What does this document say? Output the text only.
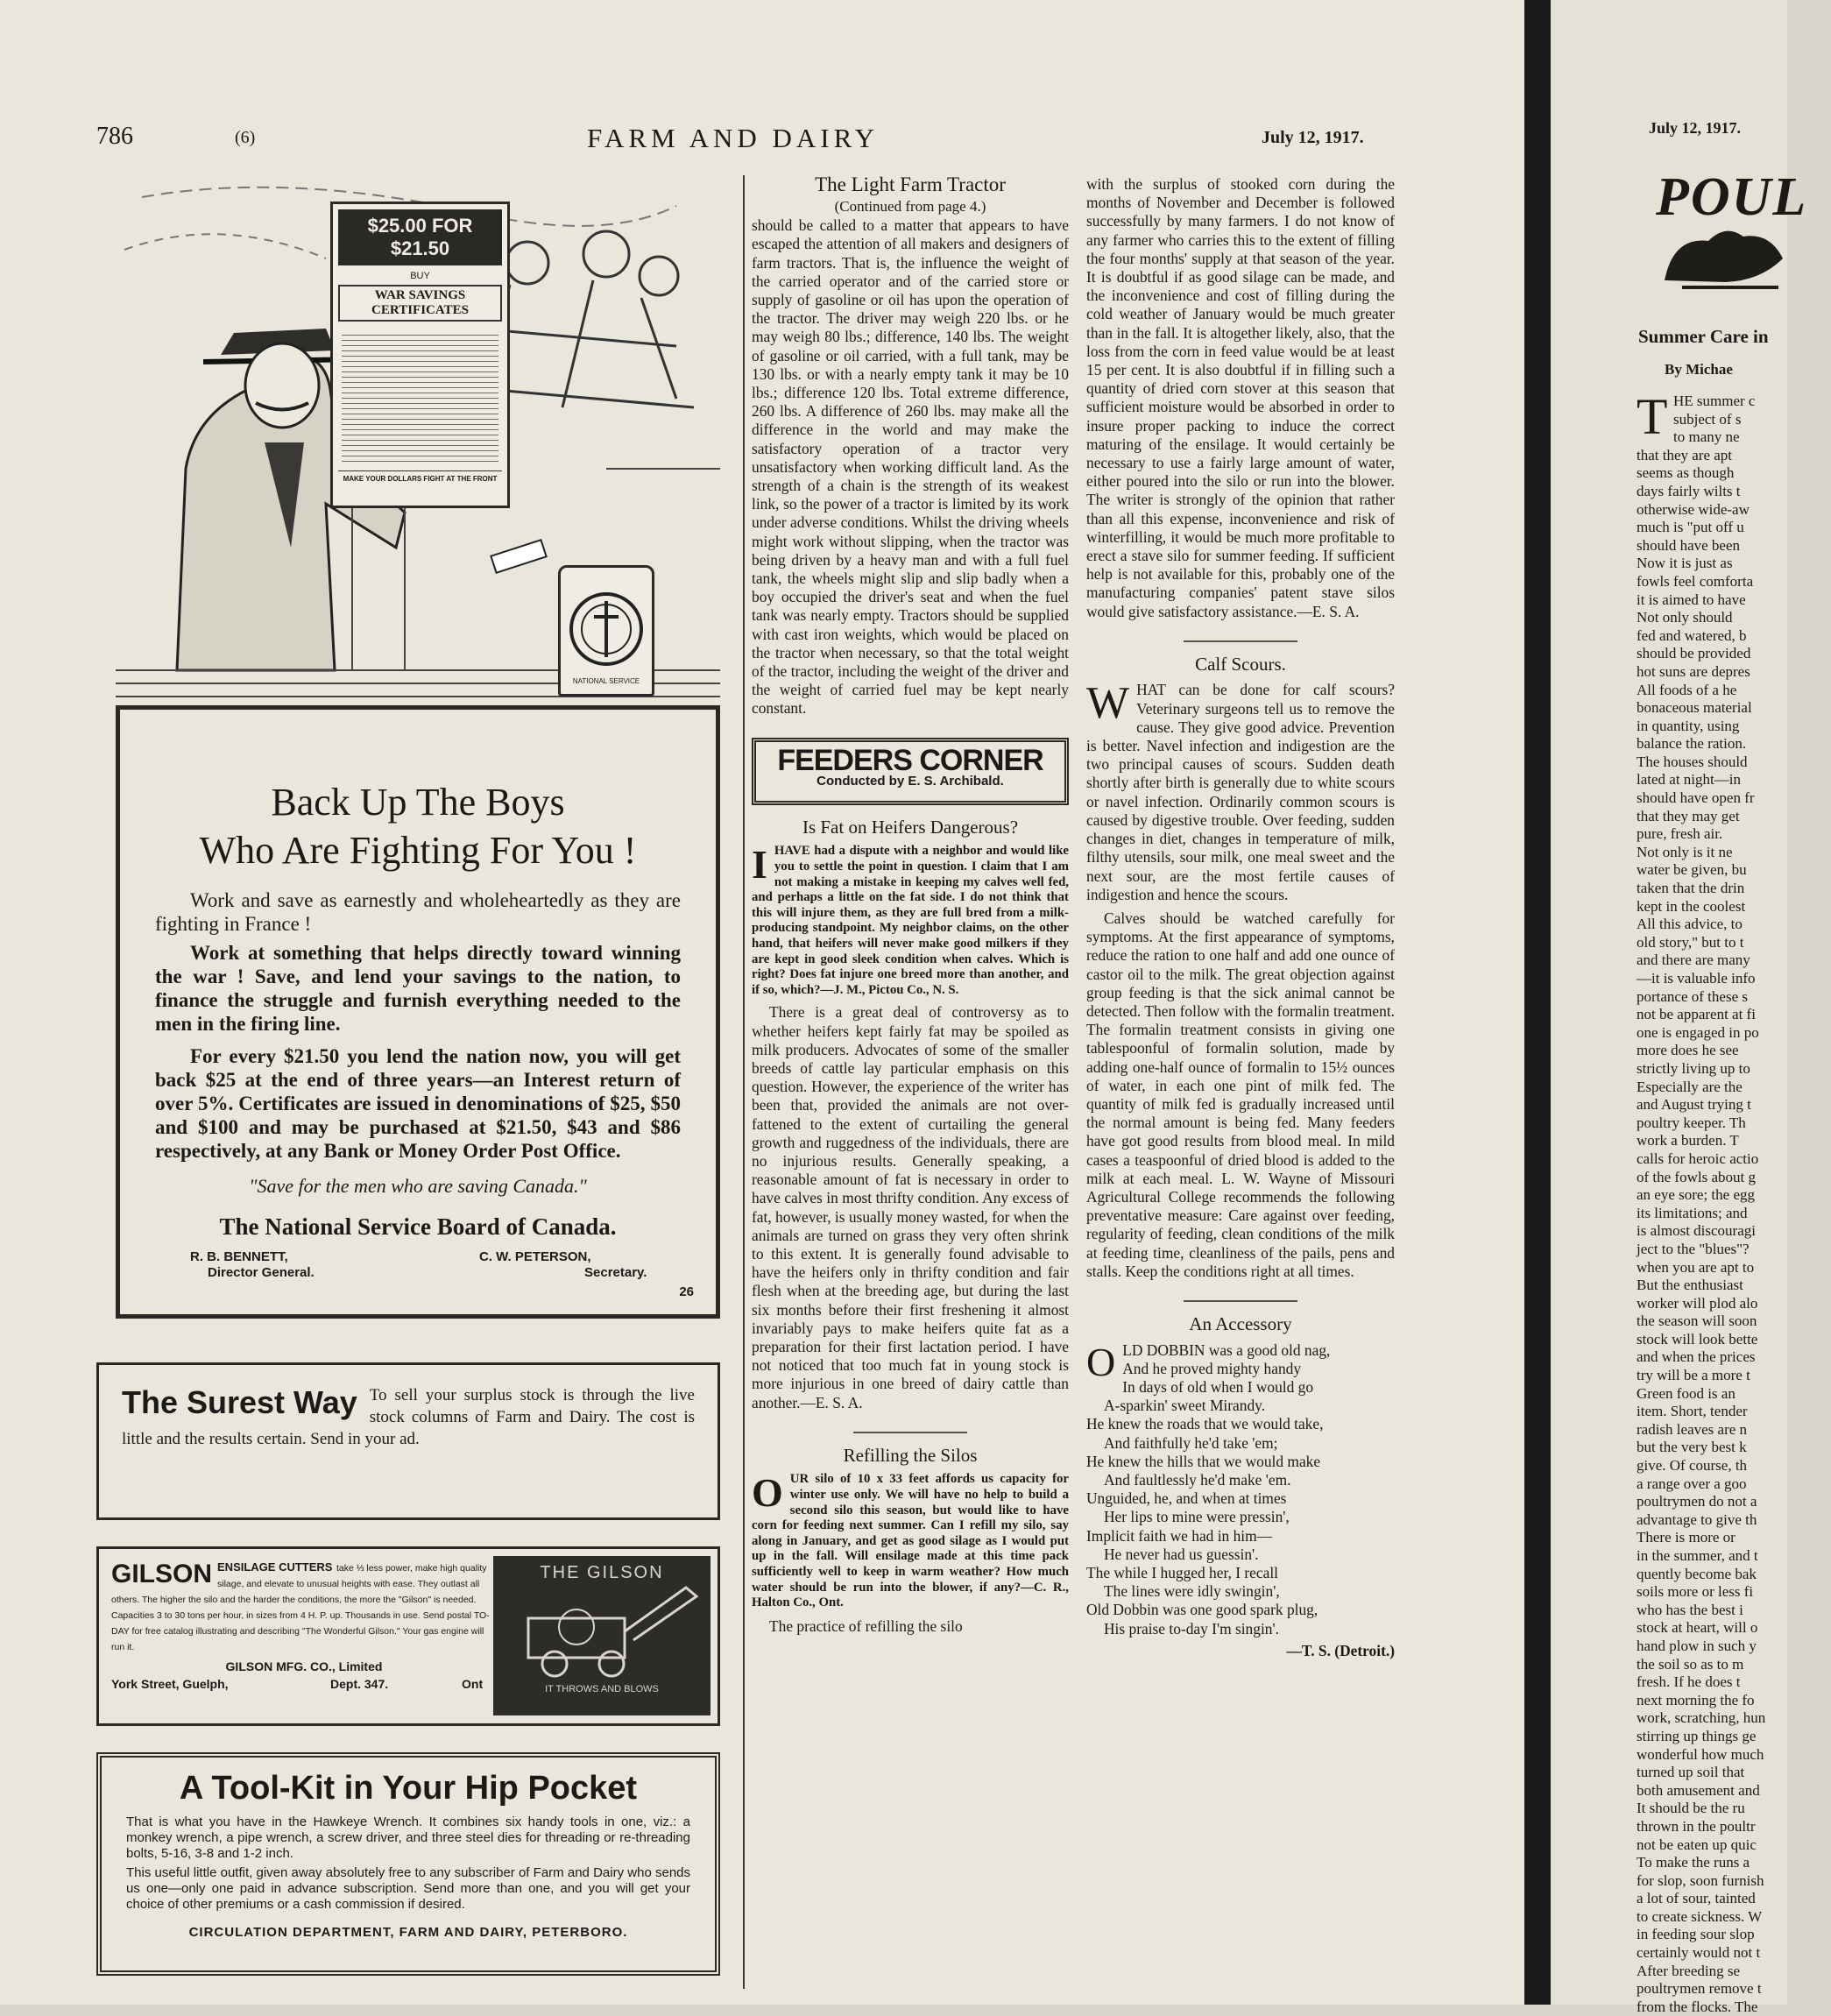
786	(6)	FARM AND DAIRY	July 12, 1917.
$25.00 FOR $21.50
BUY
WAR SAVINGS CERTIFICATES
MAKE YOUR DOLLARS FIGHT AT THE FRONT
NATIONAL SERVICE
Back Up The Boys
Who Are Fighting For You !
Work and save as earnestly and wholeheartedly as they are fighting in France !
Work at something that helps directly toward winning the war ! Save, and lend your savings to the nation, to finance the struggle and furnish everything needed to the men in the firing line.
For every $21.50 you lend the nation now, you will get back $25 at the end of three years—an Interest return of over 5%. Certificates are issued in denominations of $25, $50 and $100 and may be purchased at $21.50, $43 and $86 respectively, at any Bank or Money Order Post Office.
"Save for the men who are saving Canada."
The National Service Board of Canada.
R. B. BENNETT,
Director General.
C. W. PETERSON,
Secretary.
26
The Surest Way To sell your surplus stock is through the live stock columns of Farm and Dairy. The cost is little and the results certain. Send in your ad.
GILSON ENSILAGE CUTTERS take ⅓ less power, make high quality silage, and elevate to unusual heights with ease. They outlast all others. The higher the silo and the harder the conditions, the more the "Gilson" is needed. Capacities 3 to 30 tons per hour, in sizes from 4 H. P. up. Thousands in use. Send postal TO-DAY for free catalog illustrating and describing "The Wonderful Gilson." Your gas engine will run it.
GILSON MFG. CO., Limited
York Street, Guelph,	Dept. 347.	Ont
THE GILSON
IT THROWS AND BLOWS
A Tool-Kit in Your Hip Pocket
That is what you have in the Hawkeye Wrench. It combines six handy tools in one, viz.: a monkey wrench, a pipe wrench, a screw driver, and three steel dies for threading or re-threading bolts, 5-16, 3-8 and 1-2 inch.
This useful little outfit, given away absolutely free to any subscriber of Farm and Dairy who sends us one—only one paid in advance subscription. Send more than one, and you will get your choice of other premiums or a cash commission if desired.
CIRCULATION DEPARTMENT, FARM AND DAIRY, PETERBORO.
The Light Farm Tractor
(Continued from page 4.)

should be called to a matter that appears to have escaped the attention of all makers and designers of farm tractors. That is, the influence the weight of the carried operator and of the carried store or supply of gasoline or oil has upon the operation of the tractor. The driver may weigh 220 lbs. or he may weigh 80 lbs.; difference, 140 lbs. The weight of gasoline or oil carried, with a full tank, may be 130 lbs. or with a nearly empty tank it may be 10 lbs.; difference 120 lbs. Total extreme difference, 260 lbs. A difference of 260 lbs. may make all the difference in the world and may make the satisfactory operation of a tractor very unsatisfactory when working difficult land. As the strength of a chain is the strength of its weakest link, so the power of a tractor is limited by its work under adverse conditions. Whilst the driving wheels might work without slipping, when the tractor was being driven by a heavy man and with a full fuel tank, the wheels might slip and slip badly when a boy occupied the driver's seat and when the fuel tank was nearly empty. Tractors should be supplied with cast iron weights, which would be placed on the tractor when necessary, so that the total weight of the tractor, including the weight of the driver and the weight of carried fuel may be kept nearly constant.

FEEDERS CORNER
Conducted by E. S. Archibald.
Is Fat on Heifers Dangerous?

IHAVE had a dispute with a neighbor and would like you to settle the point in question. I claim that I am not making a mistake in keeping my calves well fed, and perhaps a little on the fat side. I do not think that this will injure them, as they are full bred from a milk-producing standpoint. My neighbor claims, on the other hand, that heifers will never make good milkers if they are kept in good sleek condition when calves. Which is right? Does fat injure one breed more than another, and if so, which?—J. M., Pictou Co., N. S.

There is a great deal of controversy as to whether heifers kept fairly fat may be spoiled as milk producers. Advocates of some of the smaller breeds of cattle lay particular emphasis on this question. However, the experience of the writer has been that, provided the animals are not over-fattened to the extent of curtailing the general growth and ruggedness of the individuals, there are no injurious results. Generally speaking, a reasonable amount of fat is necessary in order to have calves in most thrifty condition. Any excess of fat, however, is usually money wasted, for when the animals are turned on grass they very often shrink to this extent. It is generally found advisable to have the heifers only in thrifty condition and fair flesh when at the breeding age, but during the last six months before their first freshening it almost invariably pays to make heifers quite fat as a preparation for their first lactation period. I have not noticed that too much fat in young stock is more injurious in one breed of dairy cattle than another.—E. S. A.

Refilling the Silos

OUR silo of 10 x 33 feet affords us capacity for winter use only. We will have no help to build a second silo this season, but would like to have corn for feeding next summer. Can I refill my silo, say along in January, and get as good silage as I would put up in the fall. Will ensilage made at this time pack sufficiently well to keep in warm weather? How much water should be run into the blower, if any?—C. R., Halton Co., Ont.

The practice of refilling the silo

with the surplus of stooked corn during the months of November and December is followed successfully by many farmers. I do not know of any farmer who carries this to the extent of filling the four months' supply at that season of the year. It is doubtful if as good silage can be made, and the inconvenience and cost of filling during the cold weather of January would be much greater than in the fall. It is altogether likely, also, that the loss from the corn in feed value would be at least 15 per cent. It is also doubtful if in filling such a quantity of dried corn stover at this season that sufficient moisture would be absorbed in order to insure proper packing to induce the correct maturing of the ensilage. It would certainly be necessary to use a fairly large amount of water, either poured into the silo or run into the blower. The writer is strongly of the opinion that rather than all this expense, inconvenience and risk of winterfilling, it would be much more profitable to erect a stave silo for summer feeding. If sufficient help is not available for this, probably one of the manufacturing companies' patent stave silos would give satisfactory assistance.—E. S. A.

Calf Scours.

WHAT can be done for calf scours? Veterinary surgeons tell us to remove the cause. They give good advice. Prevention is better. Navel infection and indigestion are the two principal causes of scours. Sudden death shortly after birth is generally due to white scours or navel infection. Ordinarily common scours is caused by digestive trouble. Over feeding, sudden changes in diet, changes in temperature of milk, filthy utensils, sour milk, one meal sweet and the next sour, are the most fertile causes of indigestion and hence the scours.

Calves should be watched carefully for symptoms. At the first appearance of symptoms, reduce the ration to one half and add one ounce of castor oil to the milk. The great objection against group feeding is that the sick animal cannot be detected. Then follow with the formalin treatment. The formalin treatment consists in giving one tablespoonful of formalin solution, made by adding one-half ounce of formalin to 15½ ounces of water, in each one pint of milk fed. The quantity of milk fed is gradually increased until the normal amount is being fed. Many feeders have got good results from blood meal. In mild cases a teaspoonful of dried blood is added to the milk at each meal. L. W. Wayne of Missouri Agricultural College recommends the following preventative measure: Care against over feeding, regularity of feeding, clean conditions of the milk at feeding time, cleanliness of the pails, pens and stalls. Keep the conditions right at all times.

An Accessory
O LD DOBBIN was a good old nag,
And he proved mighty handy
In days of old when I would go
A-sparkin' sweet Mirandy.
He knew the roads that we would take,
And faithfully he'd take 'em;
He knew the hills that we would make
And faultlessly he'd make 'em.
Unguided, he, and when at times
Her lips to mine were pressin',
Implicit faith we had in him—
He never had us guessin'.
The while I hugged her, I recall
The lines were idly swingin',
Old Dobbin was one good spark plug,
His praise to-day I'm singin'.
—T. S. (Detroit.)
July 12, 1917.
POUL
Summer Care in
By Michae
T HE summer c
subject of s
to many ne
that they are apt
seems as though
days fairly wilts t
otherwise wide-aw
much is "put off u
should have been
Now it is just as
fowls feel comforta
it is aimed to have
Not only should
fed and watered, b
should be provided
hot suns are depres
All foods of a he
bonaceous material
in quantity, using
balance the ration.
The houses should
lated at night—in
should have open fr
that they may get
pure, fresh air.
Not only is it ne
water be given, bu
taken that the drin
kept in the coolest
All this advice, to
old story," but to t
and there are many
—it is valuable info
portance of these s
not be apparent at fi
one is engaged in po
more does he see
strictly living up to
Especially are the
and August trying t
poultry keeper. Th
work a burden. T
calls for heroic actio
of the fowls about g
an eye sore; the egg
its limitations; and
is almost discouragi
ject to the "blues"?
when you are apt to
But the enthusiast
worker will plod alo
the season will soon
stock will look bette
and when the prices
try will be a more t
Green food is an
item. Short, tender
radish leaves are n
but the very best k
give. Of course, th
a range over a goo
poultrymen do not a
advantage to give th
There is more or
in the summer, and t
quently become bak
soils more or less fi
who has the best i
stock at heart, will o
hand plow in such y
the soil so as to m
fresh. If he does t
next morning the fo
work, scratching, hun
stirring up things ge
wonderful how much
turned up soil that
both amusement and
It should be the ru
thrown in the poultr
not be eaten up quic
To make the runs a
for slop, soon furnish
a lot of sour, tainted
to create sickness. W
in feeding sour slop
certainly would not t
After breeding se
poultrymen remove t
from the flocks. The
